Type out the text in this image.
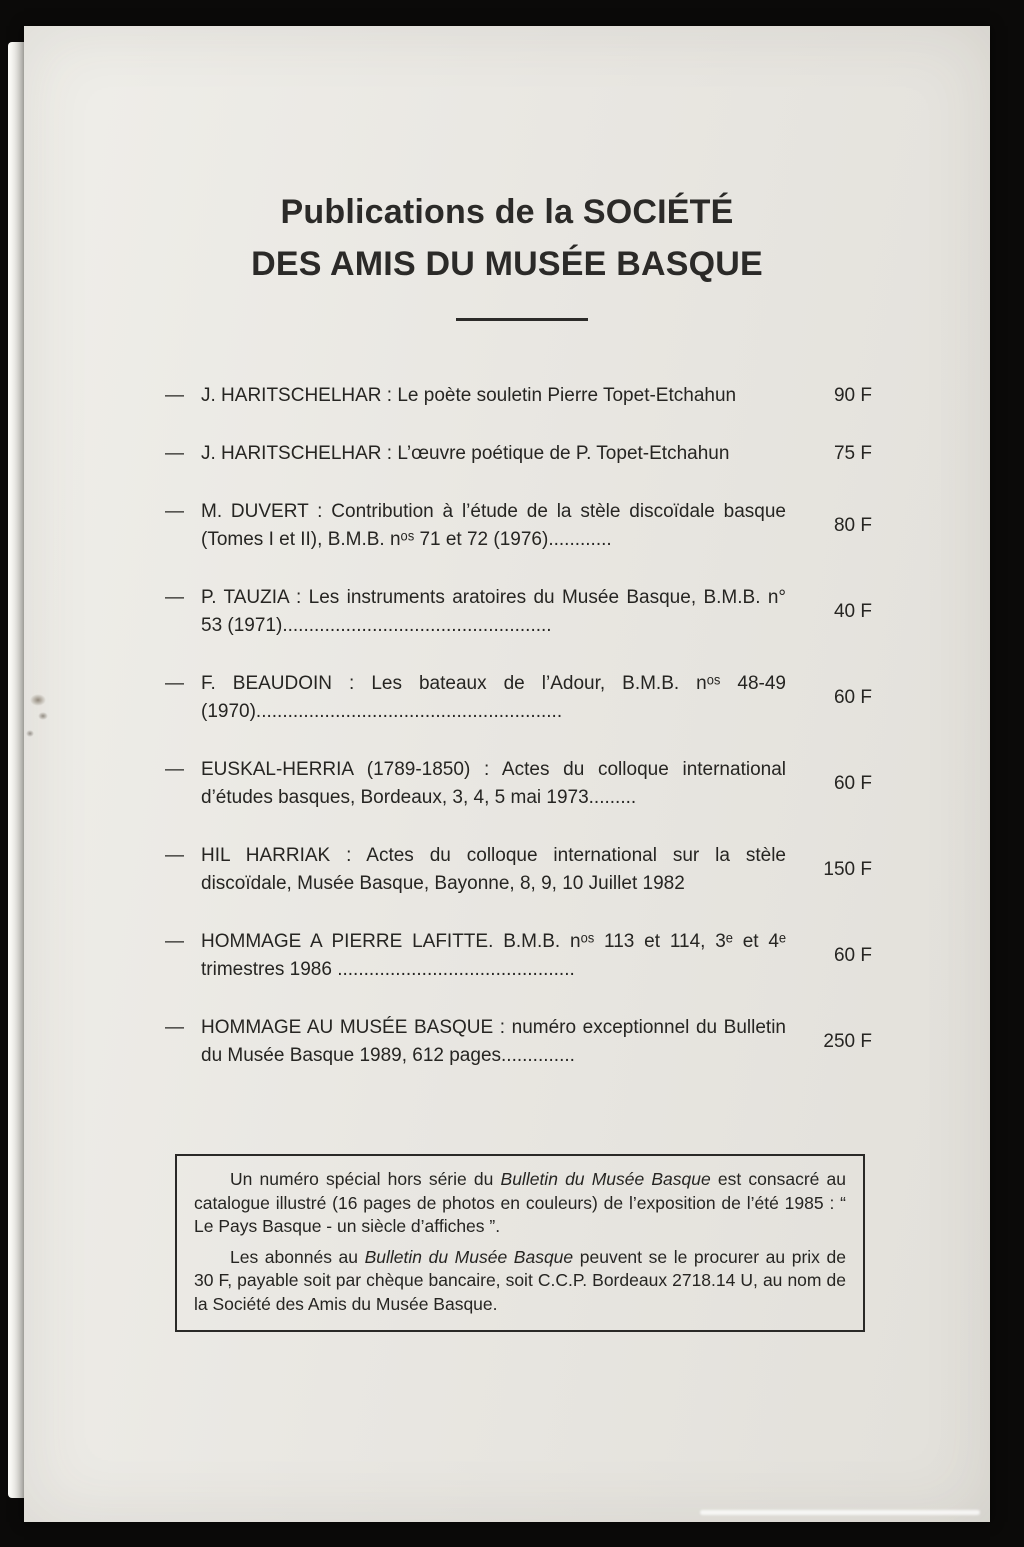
Publications de la SOCIÉTÉ
DES AMIS DU MUSÉE BASQUE
— J. HARITSCHELHAR : Le poète souletin Pierre Topet-Etchahun	90 F
— J. HARITSCHELHAR : L’œuvre poétique de P. Topet-Etchahun	75 F
— M. DUVERT : Contribution à l’étude de la stèle discoïdale basque (Tomes I et II), B.M.B. nᵒˢ 71 et 72 (1976)............
80 F
— P. TAUZIA : Les instruments aratoires du Musée Basque, B.M.B. n° 53 (1971)...................................................
40 F
— F. BEAUDOIN : Les bateaux de l’Adour, B.M.B. nᵒˢ 48-49 (1970)..........................................................
60 F
— EUSKAL-HERRIA (1789-1850) : Actes du colloque international d’études basques, Bordeaux, 3, 4, 5 mai 1973.........
60 F
— HIL HARRIAK : Actes du colloque international sur la stèle discoïdale, Musée Basque, Bayonne, 8, 9, 10 Juillet 1982
150 F
— HOMMAGE A PIERRE LAFITTE. B.M.B. nᵒˢ 113 et 114, 3ᵉ et 4ᵉ trimestres 1986 .............................................
60 F
— HOMMAGE AU MUSÉE BASQUE : numéro exceptionnel du Bulletin du Musée Basque 1989, 612 pages..............
250 F

Un numéro spécial hors série du Bulletin du Musée Basque est consacré au catalogue illustré (16 pages de photos en couleurs) de l’exposition de l’été 1985 : “ Le Pays Basque - un siècle d’affiches ”.

Les abonnés au Bulletin du Musée Basque peuvent se le procurer au prix de 30 F, payable soit par chèque bancaire, soit C.C.P. Bordeaux 2718.14 U, au nom de la Société des Amis du Musée Basque.
